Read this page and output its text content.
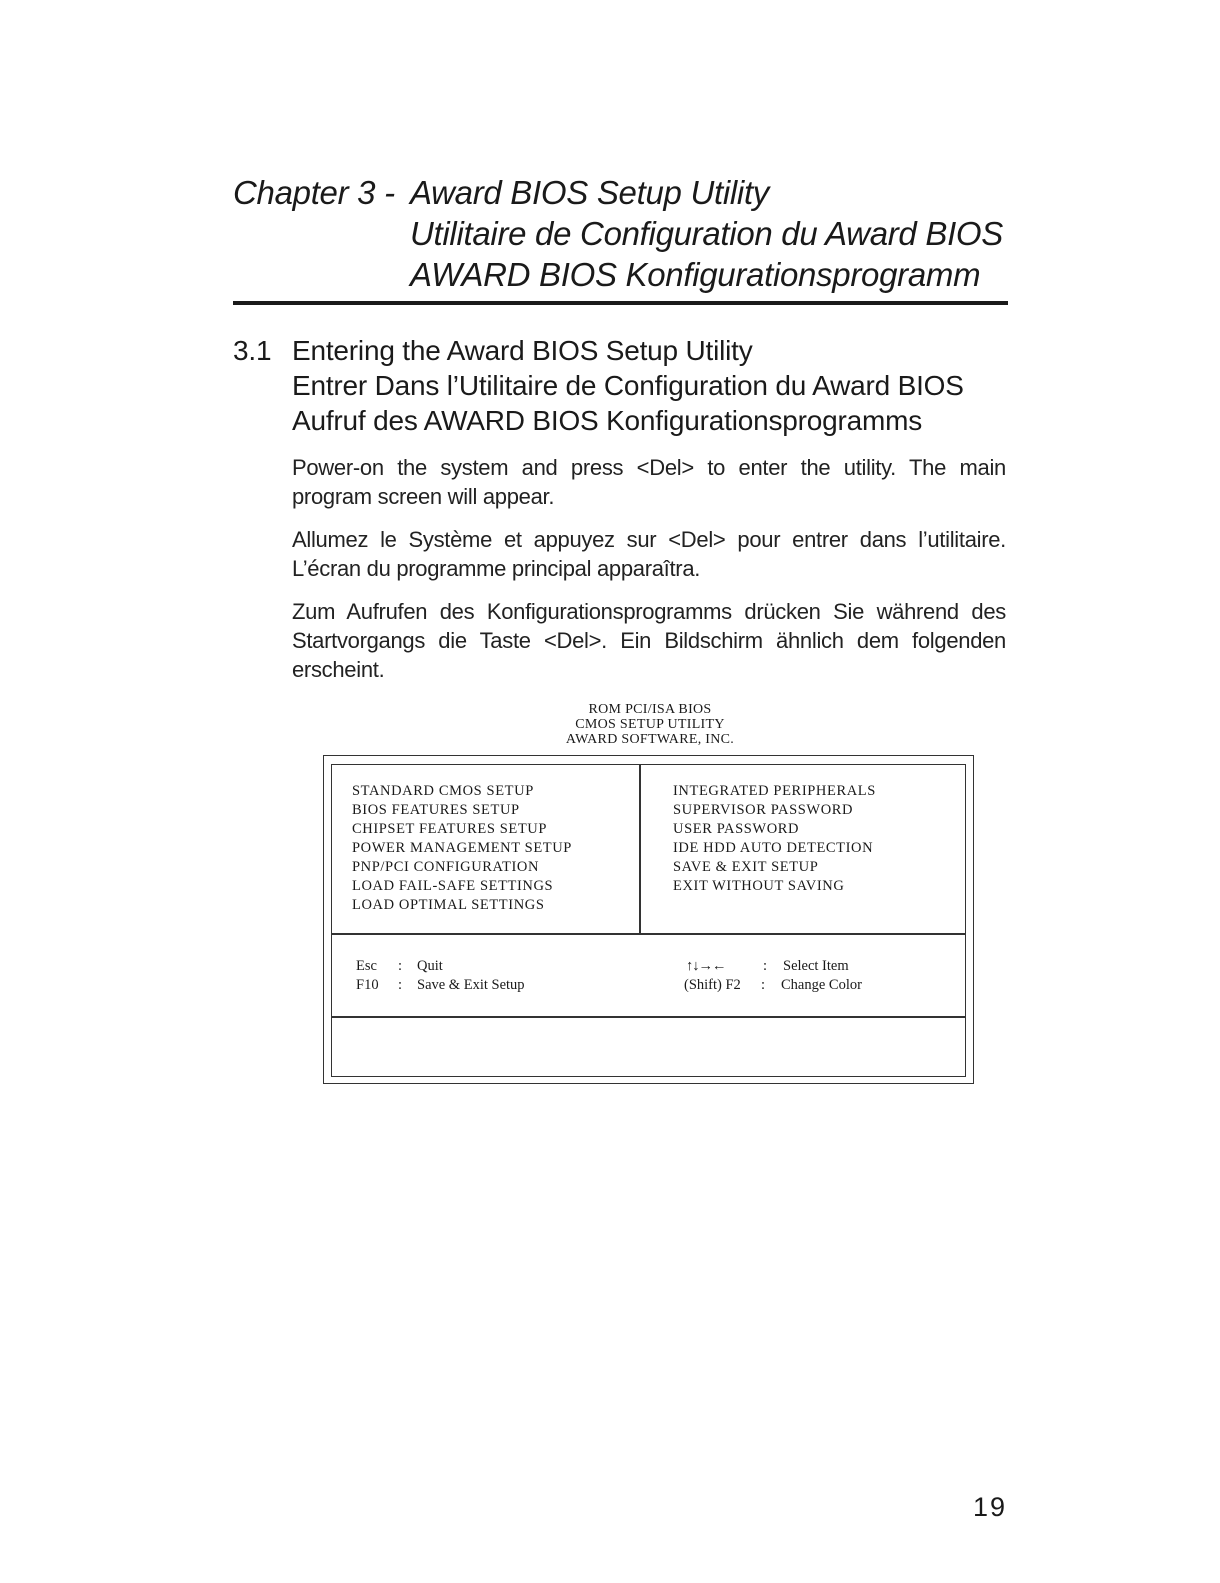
Chapter 3 - Award BIOS Setup Utility
Utilitaire de Configuration du Award BIOS
AWARD BIOS Konfigurationsprogramm
3.1 Entering the Award BIOS Setup Utility
Entrer Dans l’Utilitaire de Configuration du Award BIOS
Aufruf des AWARD BIOS Konfigurationsprogramms

Power-on the system and press <Del> to enter the utility. The main program screen will appear.

Allumez le Système et appuyez sur <Del> pour entrer dans l’utilitaire. L’écran du programme principal apparaîtra.

Zum Aufrufen des Konfigurationsprogramms drücken Sie während des Startvorgangs die Taste <Del>. Ein Bildschirm ähnlich dem folgenden erscheint.

ROM PCI/ISA BIOS
CMOS SETUP UTILITY
AWARD SOFTWARE, INC.
STANDARD CMOS SETUP
BIOS FEATURES SETUP
CHIPSET FEATURES SETUP
POWER MANAGEMENT SETUP
PNP/PCI CONFIGURATION
LOAD FAIL-SAFE SETTINGS
LOAD OPTIMAL SETTINGS
INTEGRATED PERIPHERALS
SUPERVISOR PASSWORD
USER PASSWORD
IDE HDD AUTO DETECTION
SAVE & EXIT SETUP
EXIT WITHOUT SAVING
Esc	:	Quit
F10	:	Save & Exit Setup
↑↓→←	:	Select Item
(Shift) F2	:	Change Color
19
